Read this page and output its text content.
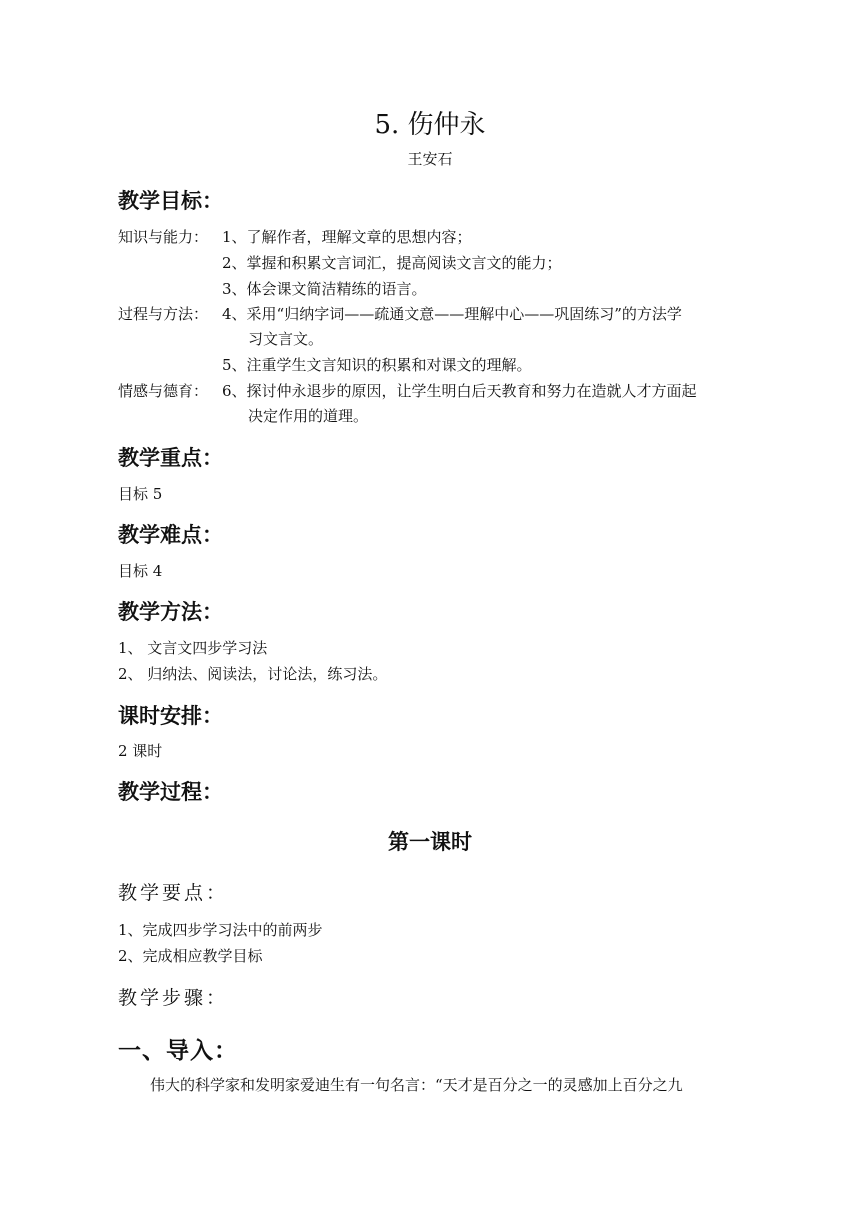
5. 伤仲永
王安石
教学目标：
知识与能力： 1、了解作者，理解文章的思想内容；
2、掌握和积累文言词汇，提高阅读文言文的能力；
3、体会课文简洁精练的语言。
过程与方法： 4、采用“归纳字词——疏通文意——理解中心——巩固练习”的方法学
习文言文。
5、注重学生文言知识的积累和对课文的理解。
情感与德育： 6、探讨仲永退步的原因，让学生明白后天教育和努力在造就人才方面起
决定作用的道理。
教学重点：
目标 5
教学难点：
目标 4
教学方法：
1、 文言文四步学习法
2、 归纳法、阅读法，讨论法，练习法。
课时安排：
2 课时
教学过程：
第一课时
教学要点：
1、完成四步学习法中的前两步
2、完成相应教学目标
教学步骤：
一、导入：
伟大的科学家和发明家爱迪生有一句名言：“天才是百分之一的灵感加上百分之九
